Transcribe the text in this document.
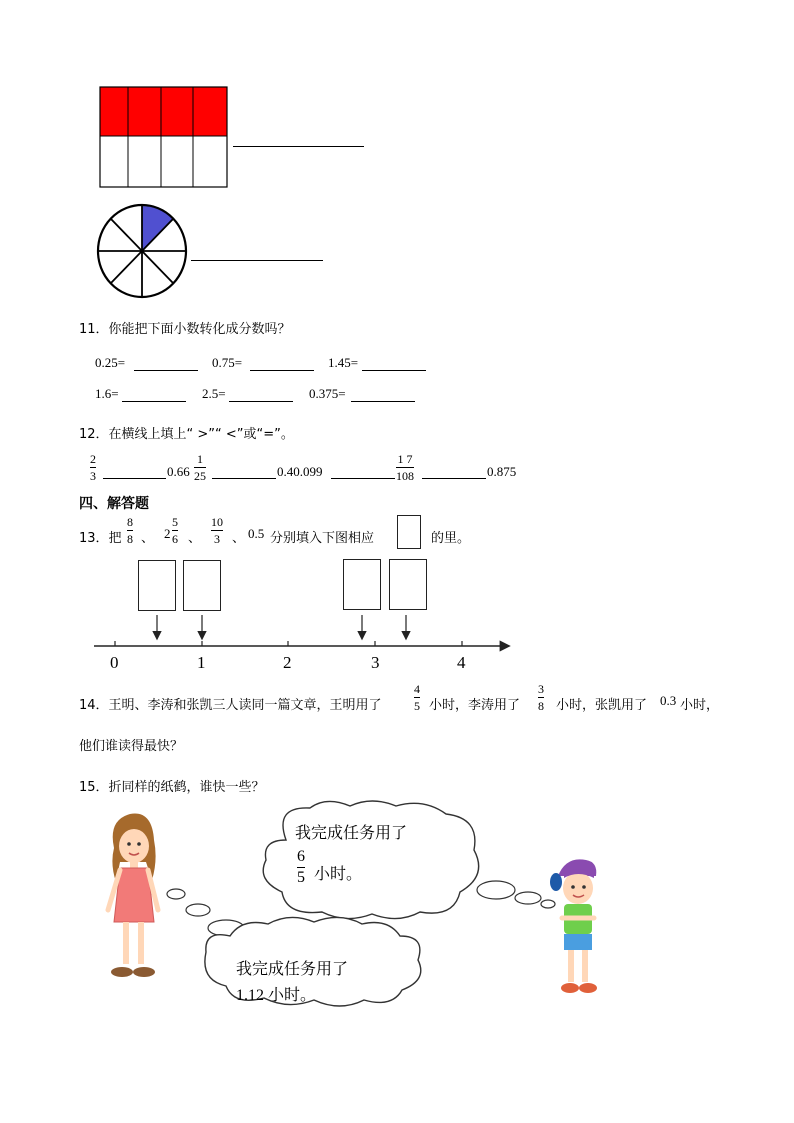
11．你能把下面小数转化成分数吗？
0.25=	0.75=	1.45=
1.6=	2.5=	0.375=
12．在横线上填上“ >”“ <”或“=”。
2
3	0.66
1
25	0.40.099
1 7
108	0.875
四、解答题
13．把
8
8 、 2
5
6 、
10
3 、 0.5 分别填入下图相应	的里。
0	1	2	3	4
14．王明、李涛和张凯三人读同一篇文章，王明用了
4
5 小时，李涛用了
3
8 小时，张凯用了 0.3 小时，
他们谁读得最快？
15．折同样的纸鹤，谁快一些？
我完成任务用了
6
5 小时。
我完成任务用了
1.12 小时。
